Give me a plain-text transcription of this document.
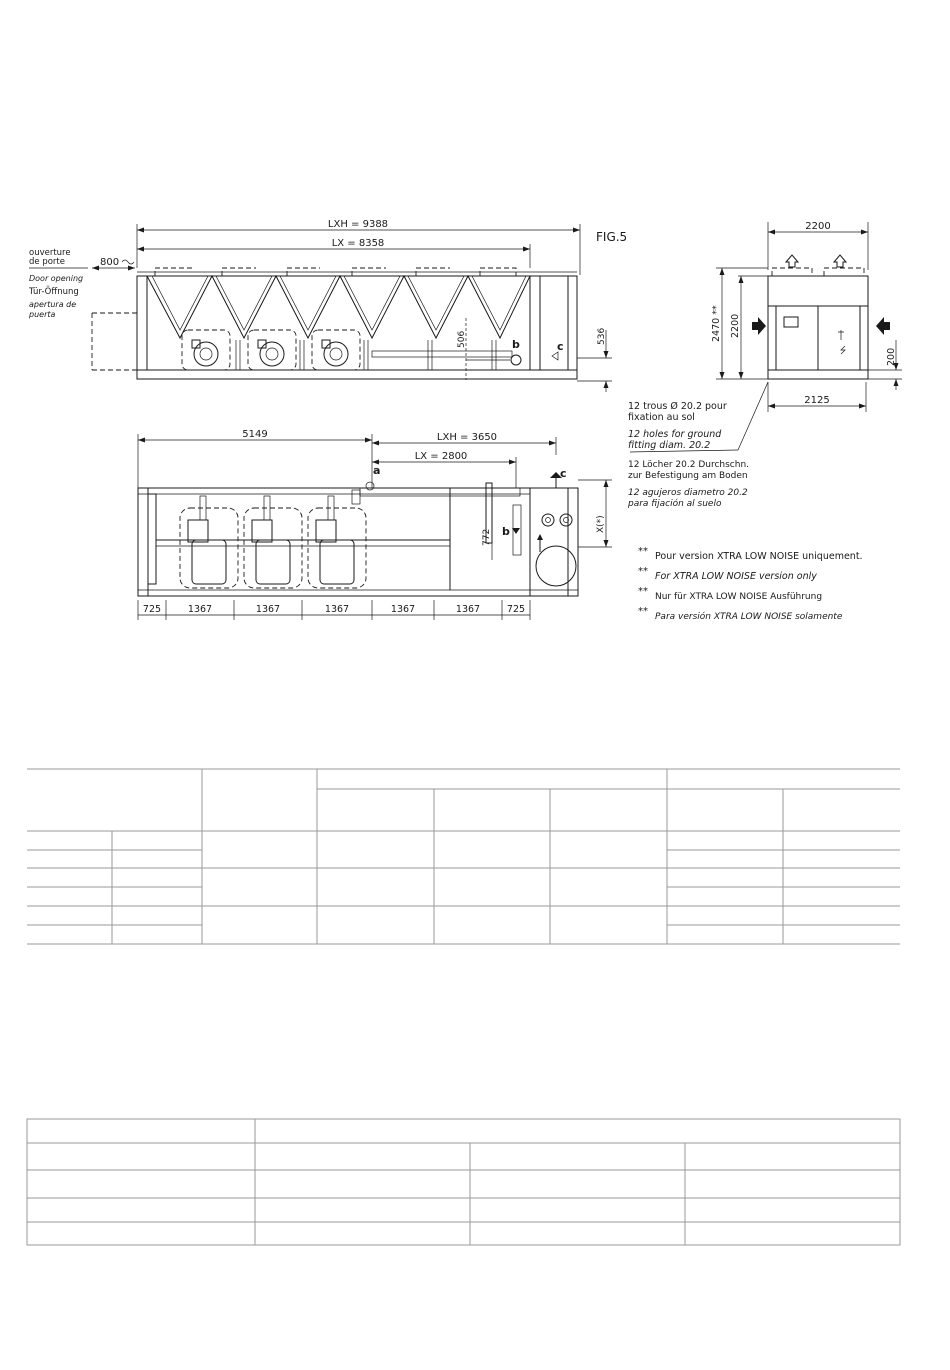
LXH = 9388
LX = 8358	FIG.5
ouverture
de porte
Door opening
Tür-Öffnung
apertura de
puerta
800
b
506	c
536
2200
2470 ** 2200
200
2125
12 trous Ø 20.2 pour
fixation au sol
12 holes for ground
fitting diam. 20.2
12 Löcher 20.2 Durchschn.
zur Befestigung am Boden
12 agujeros diametro 20.2
para fijación al suelo
5149	LXH = 3650
LX = 2800
a	c
b
772
X(*)
725	1367	1367	1367	1367	1367	725
** Pour version XTRA LOW NOISE uniquement.
** For XTRA LOW NOISE version only
** Nur für XTRA LOW NOISE Ausführung
** Para versión XTRA LOW NOISE solamente
